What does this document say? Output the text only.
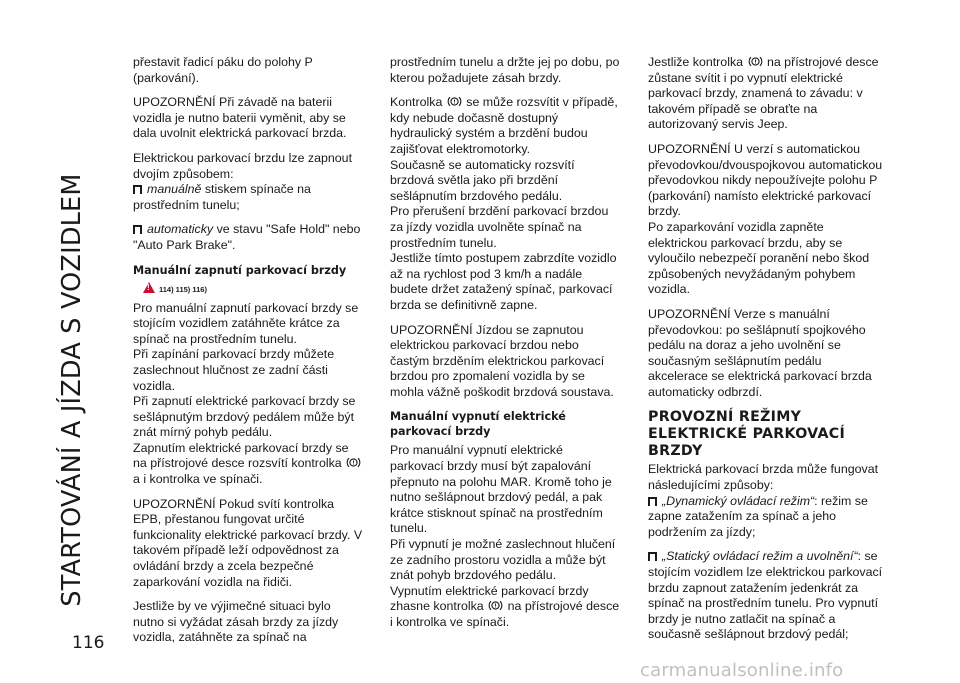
STARTOVÁNÍ A JÍZDA S VOZIDLEM
116

přestavit řadicí páku do polohy P (parkování).

UPOZORNĚNÍ Při závadě na baterii vozidla je nutno baterii vyměnit, aby se dala uvolnit elektrická parkovací brzda.

Elektrickou parkovací brzdu lze zapnout dvojím způsobem:

manuálně stiskem spínače na prostředním tunelu;

automaticky ve stavu "Safe Hold" nebo "Auto Park Brake".

Manuální zapnutí parkovací brzdy
!114) 115) 116)

Pro manuální zapnutí parkovací brzdy se stojícím vozidlem zatáhněte krátce za spínač na prostředním tunelu.

Při zapínání parkovací brzdy můžete zaslechnout hlučnost ze zadní části vozidla.

Při zapnutí elektrické parkovací brzdy se sešlápnutým brzdový pedálem může být znát mírný pohyb pedálu.

Zapnutím elektrické parkovací brzdy se na přístrojové desce rozsvítí kontrolka !

a i kontrolka ve spínači.

UPOZORNĚNÍ Pokud svítí kontrolka EPB, přestanou fungovat určité funkcionality elektrické parkovací brzdy. V takovém případě leží odpovědnost za ovládání brzdy a zcela bezpečné zaparkování vozidla na řidiči.

Jestliže by ve výjimečné situaci bylo nutno si vyžádat zásah brzdy za jízdy vozidla, zatáhněte za spínač na

prostředním tunelu a držte jej po dobu, po kterou požadujete zásah brzdy.

Kontrolka ! se může rozsvítit v případě, kdy nebude dočasně dostupný hydraulický systém a brzdění budou zajišťovat elektromotorky.

Současně se automaticky rozsvítí brzdová světla jako při brzdění sešlápnutím brzdového pedálu.

Pro přerušení brzdění parkovací brzdou za jízdy vozidla uvolněte spínač na prostředním tunelu.

Jestliže tímto postupem zabrzdíte vozidlo až na rychlost pod 3 km/h a nadále budete držet zatažený spínač, parkovací brzda se definitivně zapne.

UPOZORNĚNÍ Jízdou se zapnutou elektrickou parkovací brzdou nebo častým brzděním elektrickou parkovací brzdou pro zpomalení vozidla by se mohla vážně poškodit brzdová soustava.

Manuální vypnutí elektrické parkovací brzdy

Pro manuální vypnutí elektrické parkovací brzdy musí být zapalování přepnuto na polohu MAR. Kromě toho je nutno sešlápnout brzdový pedál, a pak krátce stisknout spínač na prostředním tunelu.

Při vypnutí je možné zaslechnout hlučení ze zadního prostoru vozidla a může být znát pohyb brzdového pedálu.

Vypnutím elektrické parkovací brzdy zhasne kontrolka ! na přístrojové desce i kontrolka ve spínači.

Jestliže kontrolka ! na přístrojové desce zůstane svítit i po vypnutí elektrické parkovací brzdy, znamená to závadu: v takovém případě se obraťte na autorizovaný servis Jeep.

UPOZORNĚNÍ U verzí s automatickou převodovkou/dvouspojkovou automatickou převodovkou nikdy nepoužívejte polohu P (parkování) namísto elektrické parkovací brzdy.

Po zaparkování vozidla zapněte elektrickou parkovací brzdu, aby se vyloučilo nebezpečí poranění nebo škod způsobených nevyžádaným pohybem vozidla.

UPOZORNĚNÍ Verze s manuální převodovkou: po sešlápnutí spojkového pedálu na doraz a jeho uvolnění se současným sešlápnutím pedálu akcelerace se elektrická parkovací brzda automaticky odbrzdí.

PROVOZNÍ REŽIMY ELEKTRICKÉ PARKOVACÍ BRZDY

Elektrická parkovací brzda může fungovat následujícími způsoby:

„Dynamický ovládací režim“: režim se zapne zatažením za spínač a jeho podržením za jízdy;

„Statický ovládací režim a uvolnění“: se stojícím vozidlem lze elektrickou parkovací brzdu zapnout zatažením jedenkrát za spínač na prostředním tunelu. Pro vypnutí brzdy je nutno zatlačit na spínač a současně sešlápnout brzdový pedál;

carmanualsonline.info
